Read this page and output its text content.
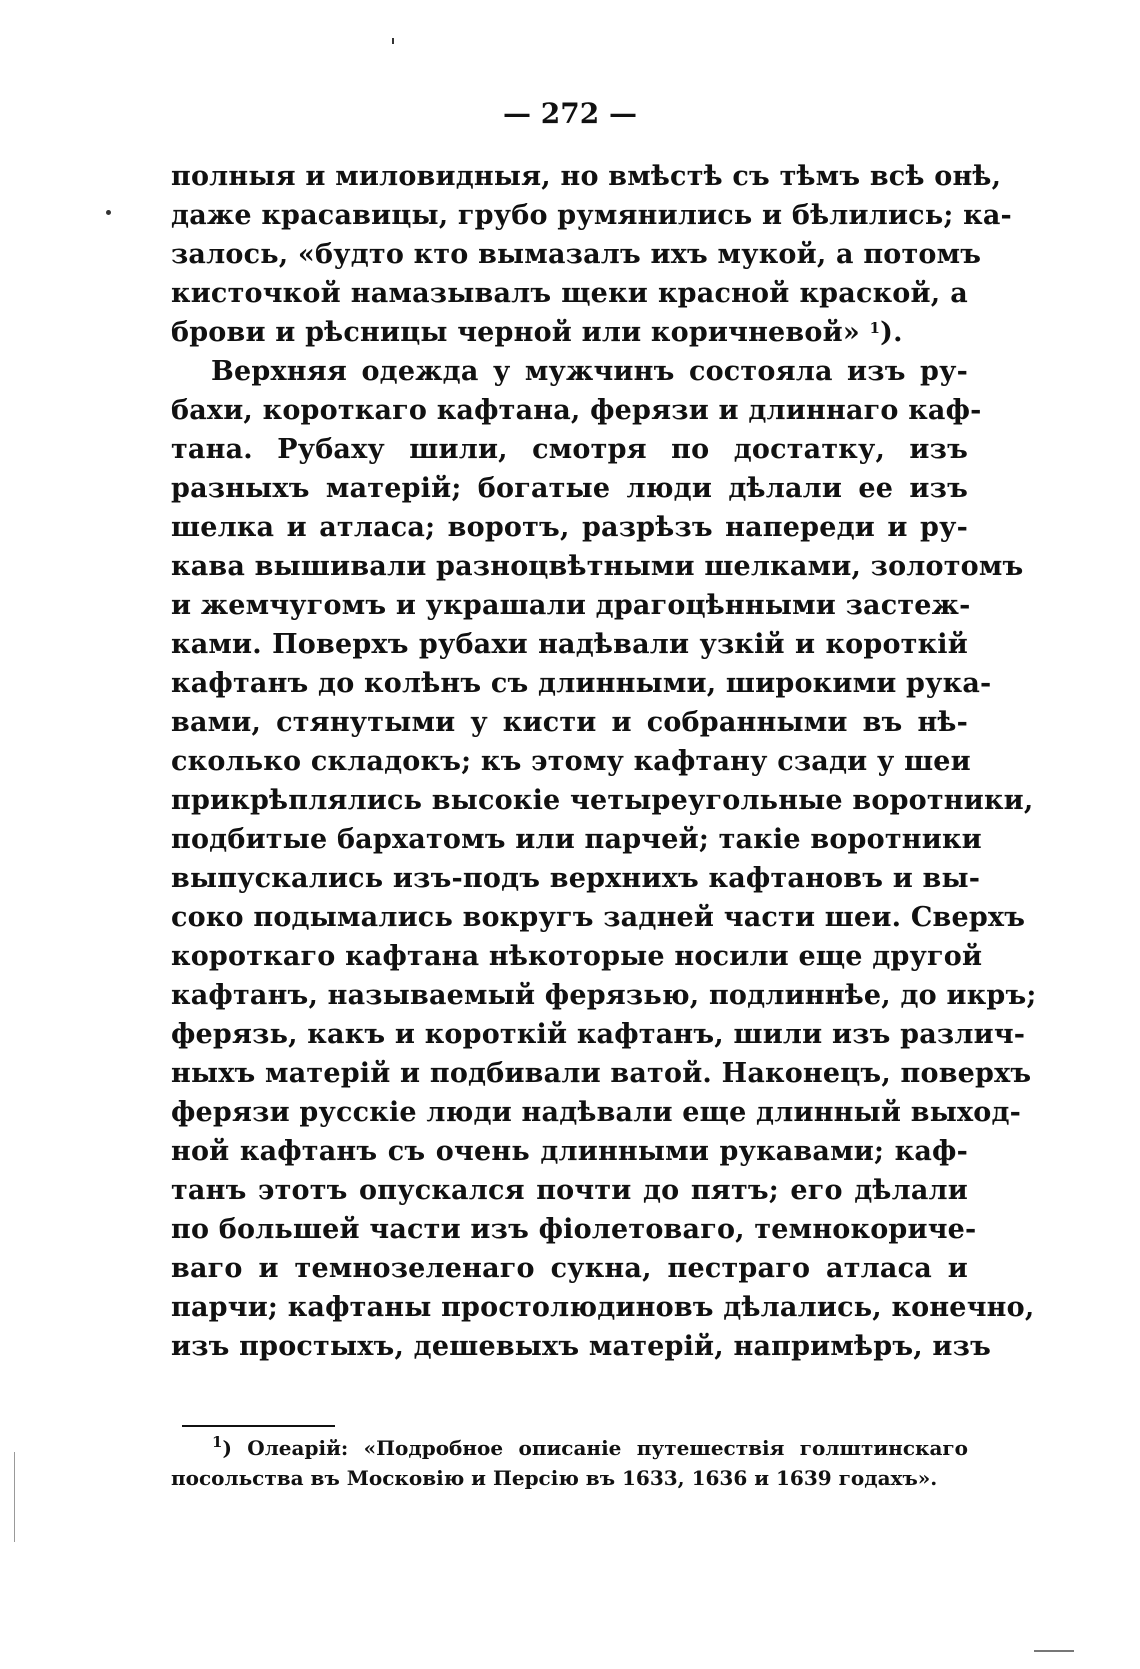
— 272 —
полныя и миловидныя, но вмѣстѣ съ тѣмъ всѣ онѣ,
даже красавицы, грубо румянились и бѣлились; ка-
залось, «будто кто вымазалъ ихъ мукой, а потомъ
кисточкой намазывалъ щеки красной краской, а
брови и рѣсницы черной или коричневой» $^1$).
Верхняя одежда у мужчинъ состояла изъ ру-
бахи, короткаго кафтана, ферязи и длиннаго каф-
тана. Рубаху шили, смотря по достатку, изъ
разныхъ матерій; богатые люди дѣлали ее изъ
шелка и атласа; воротъ, разрѣзъ напереди и ру-
кава вышивали разноцвѣтными шелками, золотомъ
и жемчугомъ и украшали драгоцѣнными застеж-
ками. Поверхъ рубахи надѣвали узкій и короткій
кафтанъ до колѣнъ съ длинными, широкими рука-
вами, стянутыми у кисти и собранными въ нѣ-
сколько складокъ; къ этому кафтану сзади у шеи
прикрѣплялись высокіе четыреугольные воротники,
подбитые бархатомъ или парчей; такіе воротники
выпускались изъ-подъ верхнихъ кафтановъ и вы-
соко подымались вокругъ задней части шеи. Сверхъ
короткаго кафтана нѣкоторые носили еще другой
кафтанъ, называемый ферязью, подлиннѣе, до икръ;
ферязь, какъ и короткій кафтанъ, шили изъ различ-
ныхъ матерій и подбивали ватой. Наконецъ, поверхъ
ферязи русскіе люди надѣвали еще длинный выход-
ной кафтанъ съ очень длинными рукавами; каф-
танъ этотъ опускался почти до пятъ; его дѣлали
по большей части изъ фіолетоваго, темнокориче-
ваго и темнозеленаго сукна, пестраго атласа и
парчи; кафтаны простолюдиновъ дѣлались, конечно,
изъ простыхъ, дешевыхъ матерій, напримѣръ, изъ
$^1$) Олеарій: «Подробное описаніе путешествія голштинскаго
посольства въ Московію и Персію въ 1633, 1636 и 1639 годахъ».
